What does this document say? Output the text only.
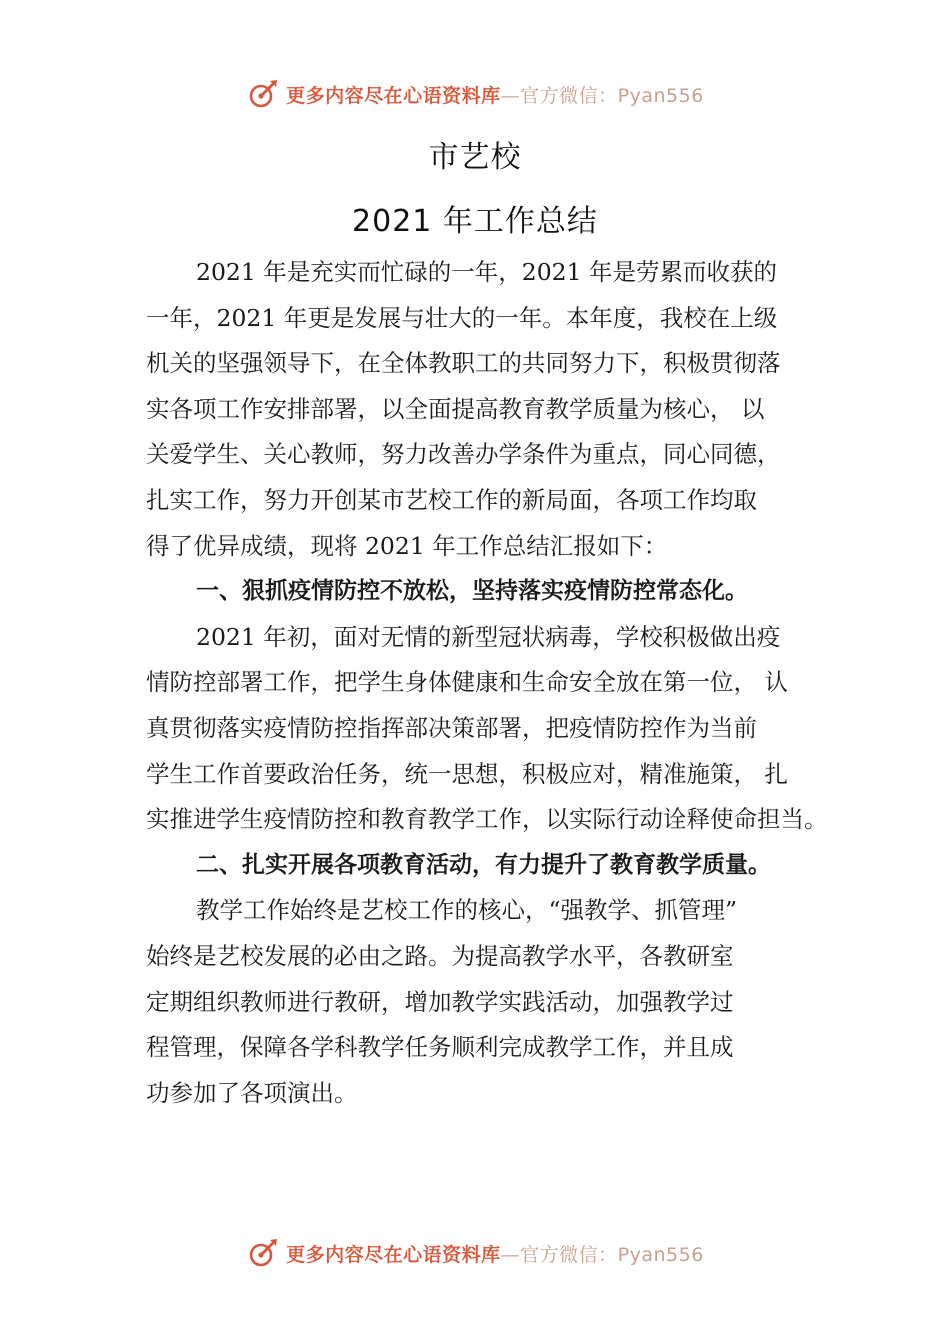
更多内容尽在心语资料库—官方微信：Pyan556
市艺校
2021 年工作总结
2021 年是充实而忙碌的一年，2021 年是劳累而收获的
一年，2021 年更是发展与壮大的一年。本年度，我校在上级
机关的坚强领导下，在全体教职工的共同努力下，积极贯彻落
实各项工作安排部署，以全面提高教育教学质量为核心， 以
关爱学生、关心教师，努力改善办学条件为重点，同心同德，
扎实工作，努力开创某市艺校工作的新局面，各项工作均取
得了优异成绩，现将 2021 年工作总结汇报如下：
一、狠抓疫情防控不放松，坚持落实疫情防控常态化。
2021 年初，面对无情的新型冠状病毒，学校积极做出疫
情防控部署工作，把学生身体健康和生命安全放在第一位， 认
真贯彻落实疫情防控指挥部决策部署，把疫情防控作为当前
学生工作首要政治任务，统一思想，积极应对，精准施策， 扎
实推进学生疫情防控和教育教学工作，以实际行动诠释使命担当。
二、扎实开展各项教育活动，有力提升了教育教学质量。
教学工作始终是艺校工作的核心，“强教学、抓管理”
始终是艺校发展的必由之路。为提高教学水平，各教研室
定期组织教师进行教研，增加教学实践活动，加强教学过
程管理，保障各学科教学任务顺利完成教学工作，并且成
功参加了各项演出。
更多内容尽在心语资料库—官方微信：Pyan556
